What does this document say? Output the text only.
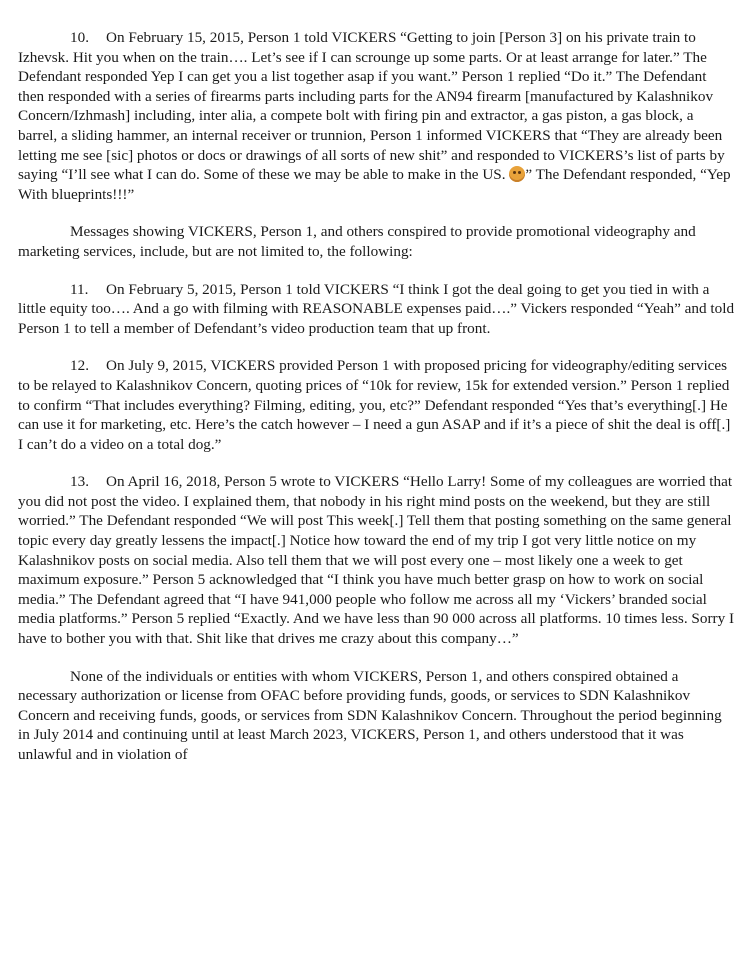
10. On February 15, 2015, Person 1 told VICKERS “Getting to join [Person 3] on his private train to Izhevsk. Hit you when on the train…. Let’s see if I can scrounge up some parts. Or at least arrange for later.” The Defendant responded Yep I can get you a list together asap if you want.” Person 1 replied “Do it.” The Defendant then responded with a series of firearms parts including parts for the AN94 firearm [manufactured by Kalashnikov Concern/Izhmash] including, inter alia, a compete bolt with firing pin and extractor, a gas piston, a gas block, a barrel, a sliding hammer, an internal receiver or trunnion, Person 1 informed VICKERS that “They are already been letting me see [sic] photos or docs or drawings of all sorts of new shit” and responded to VICKERS’s list of parts by saying “I’ll see what I can do. Some of these we may be able to make in the US. ” The Defendant responded, “Yep With blueprints!!!”

Messages showing VICKERS, Person 1, and others conspired to provide promotional videography and marketing services, include, but are not limited to, the following:

11. On February 5, 2015, Person 1 told VICKERS “I think I got the deal going to get you tied in with a little equity too…. And a go with filming with REASONABLE expenses paid….” Vickers responded “Yeah” and told Person 1 to tell a member of Defendant’s video production team that up front.

12. On July 9, 2015, VICKERS provided Person 1 with proposed pricing for videography/editing services to be relayed to Kalashnikov Concern, quoting prices of “10k for review, 15k for extended version.” Person 1 replied to confirm “That includes everything? Filming, editing, you, etc?” Defendant responded “Yes that’s everything[.] He can use it for marketing, etc. Here’s the catch however – I need a gun ASAP and if it’s a piece of shit the deal is off[.] I can’t do a video on a total dog.”

13. On April 16, 2018, Person 5 wrote to VICKERS “Hello Larry! Some of my colleagues are worried that you did not post the video. I explained them, that nobody in his right mind posts on the weekend, but they are still worried.” The Defendant responded “We will post This week[.] Tell them that posting something on the same general topic every day greatly lessens the impact[.] Notice how toward the end of my trip I got very little notice on my Kalashnikov posts on social media. Also tell them that we will post every one – most likely one a week to get maximum exposure.” Person 5 acknowledged that “I think you have much better grasp on how to work on social media.” The Defendant agreed that “I have 941,000 people who follow me across all my ‘Vickers’ branded social media platforms.” Person 5 replied “Exactly. And we have less than 90 000 across all platforms. 10 times less. Sorry I have to bother you with that. Shit like that drives me crazy about this company…”

None of the individuals or entities with whom VICKERS, Person 1, and others conspired obtained a necessary authorization or license from OFAC before providing funds, goods, or services to SDN Kalashnikov Concern and receiving funds, goods, or services from SDN Kalashnikov Concern. Throughout the period beginning in July 2014 and continuing until at least March 2023, VICKERS, Person 1, and others understood that it was unlawful and in violation of
